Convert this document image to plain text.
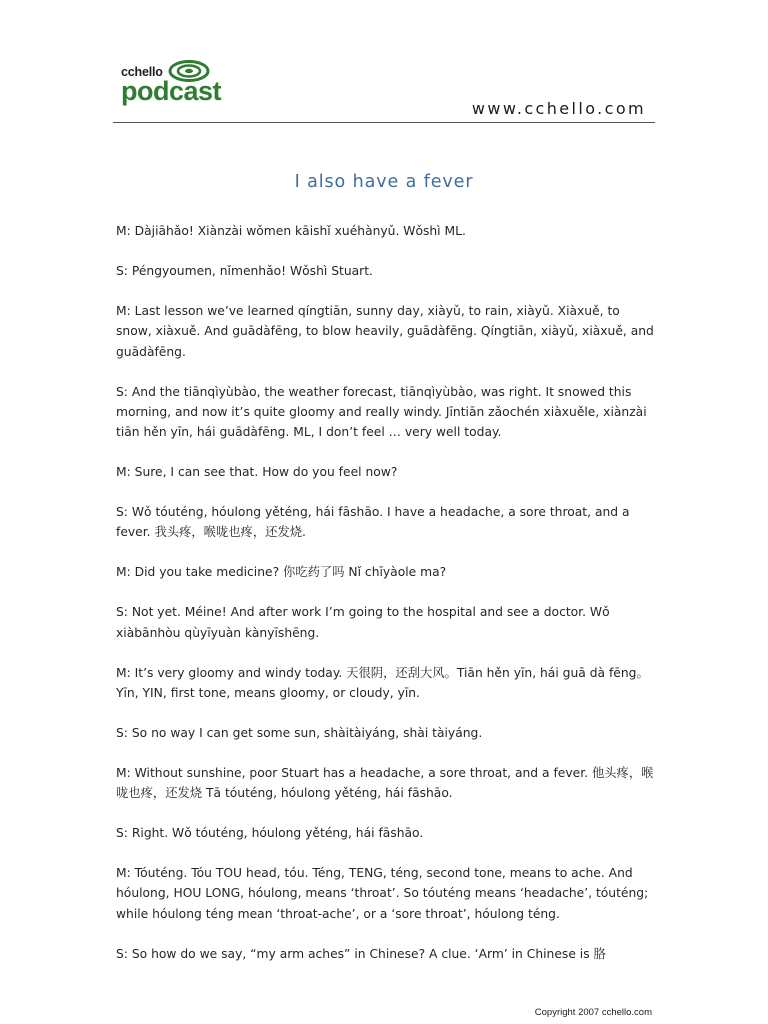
cchello
podcast
www.cchello.com
I also have a fever

M: Dàjiāhǎo! Xiànzài wǒmen kāishǐ xuéhànyǔ. Wǒshì ML.

S: Péngyoumen, nǐmenhǎo! Wǒshì Stuart.

M: Last lesson we’ve learned qíngtiān, sunny day, xiàyǔ, to rain, xiàyǔ. Xiàxuě, to snow, xiàxuě. And guādàfēng, to blow heavily, guādàfēng. Qíngtiān, xiàyǔ, xiàxuě, and guādàfēng.

S: And the tiānqìyùbào, the weather forecast, tiānqìyùbào, was right. It snowed this morning, and now it’s quite gloomy and really windy. Jīntiān zǎochén xiàxuěle, xiànzài tiān hěn yīn, hái guādàfēng. ML, I don’t feel … very well today.

M: Sure, I can see that. How do you feel now?

S: Wǒ tóuténg, hóulong yěténg, hái fāshāo. I have a headache, a sore throat, and a fever. 我头疼，喉咙也疼，还发烧.

M: Did you take medicine? 你吃药了吗 Nǐ chīyàole ma?

S: Not yet. Méine! And after work I’m going to the hospital and see a doctor. Wǒ xiàbānhòu qùyīyuàn kànyīshēng.

M: It’s very gloomy and windy today. 天很阴，还刮大风。Tiān hěn yīn, hái guā dà fēng。Yīn, YIN, first tone, means gloomy, or cloudy, yīn.

S: So no way I can get some sun, shàitàiyáng, shài tàiyáng.

M: Without sunshine, poor Stuart has a headache, a sore throat, and a fever. 他头疼，喉咙也疼，还发烧 Tā tóuténg, hóulong yěténg, hái fāshāo.

S: Right. Wǒ tóuténg, hóulong yěténg, hái fāshāo.

M: Tóuténg. Tóu TOU head, tóu. Téng, TENG, téng, second tone, means to ache. And hóulong, HOU LONG, hóulong, means ‘throat’. So tóuténg means ‘headache’, tóuténg; while hóulong téng mean ‘throat-ache’, or a ‘sore throat’, hóulong téng.

S: So how do we say, “my arm aches” in Chinese? A clue. ‘Arm’ in Chinese is 胳

Copyright 2007 cchello.com
